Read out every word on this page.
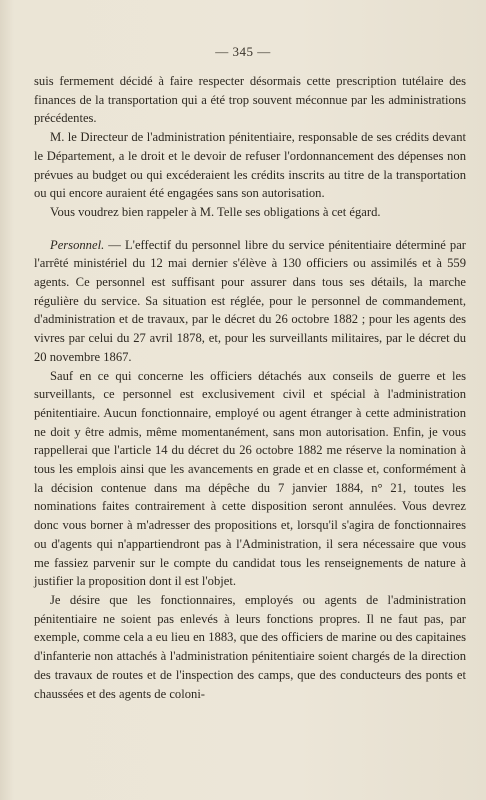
— 345 —

suis fermement décidé à faire respecter désormais cette prescription tutélaire des finances de la transportation qui a été trop souvent méconnue par les administrations précédentes.

M. le Directeur de l'administration pénitentiaire, responsable de ses crédits devant le Département, a le droit et le devoir de refuser l'ordonnancement des dépenses non prévues au budget ou qui excéderaient les crédits inscrits au titre de la transportation ou qui encore auraient été engagées sans son autorisation.

Vous voudrez bien rappeler à M. Telle ses obligations à cet égard.

Personnel. — L'effectif du personnel libre du service pénitentiaire déterminé par l'arrêté ministériel du 12 mai dernier s'élève à 130 officiers ou assimilés et à 559 agents. Ce personnel est suffisant pour assurer dans tous ses détails, la marche régulière du service. Sa situation est réglée, pour le personnel de commandement, d'administration et de travaux, par le décret du 26 octobre 1882 ; pour les agents des vivres par celui du 27 avril 1878, et, pour les surveillants militaires, par le décret du 20 novembre 1867.

Sauf en ce qui concerne les officiers détachés aux conseils de guerre et les surveillants, ce personnel est exclusivement civil et spécial à l'administration pénitentiaire. Aucun fonctionnaire, employé ou agent étranger à cette administration ne doit y être admis, même momentanément, sans mon autorisation. Enfin, je vous rappellerai que l'article 14 du décret du 26 octobre 1882 me réserve la nomination à tous les emplois ainsi que les avancements en grade et en classe et, conformément à la décision contenue dans ma dépêche du 7 janvier 1884, n° 21, toutes les nominations faites contrairement à cette disposition seront annulées. Vous devrez donc vous borner à m'adresser des propositions et, lorsqu'il s'agira de fonctionnaires ou d'agents qui n'appartiendront pas à l'Administration, il sera nécessaire que vous me fassiez parvenir sur le compte du candidat tous les renseignements de nature à justifier la proposition dont il est l'objet.

Je désire que les fonctionnaires, employés ou agents de l'administration pénitentiaire ne soient pas enlevés à leurs fonctions propres. Il ne faut pas, par exemple, comme cela a eu lieu en 1883, que des officiers de marine ou des capitaines d'infanterie non attachés à l'administration pénitentiaire soient chargés de la direction des travaux de routes et de l'inspection des camps, que des conducteurs des ponts et chaussées et des agents de coloni-
